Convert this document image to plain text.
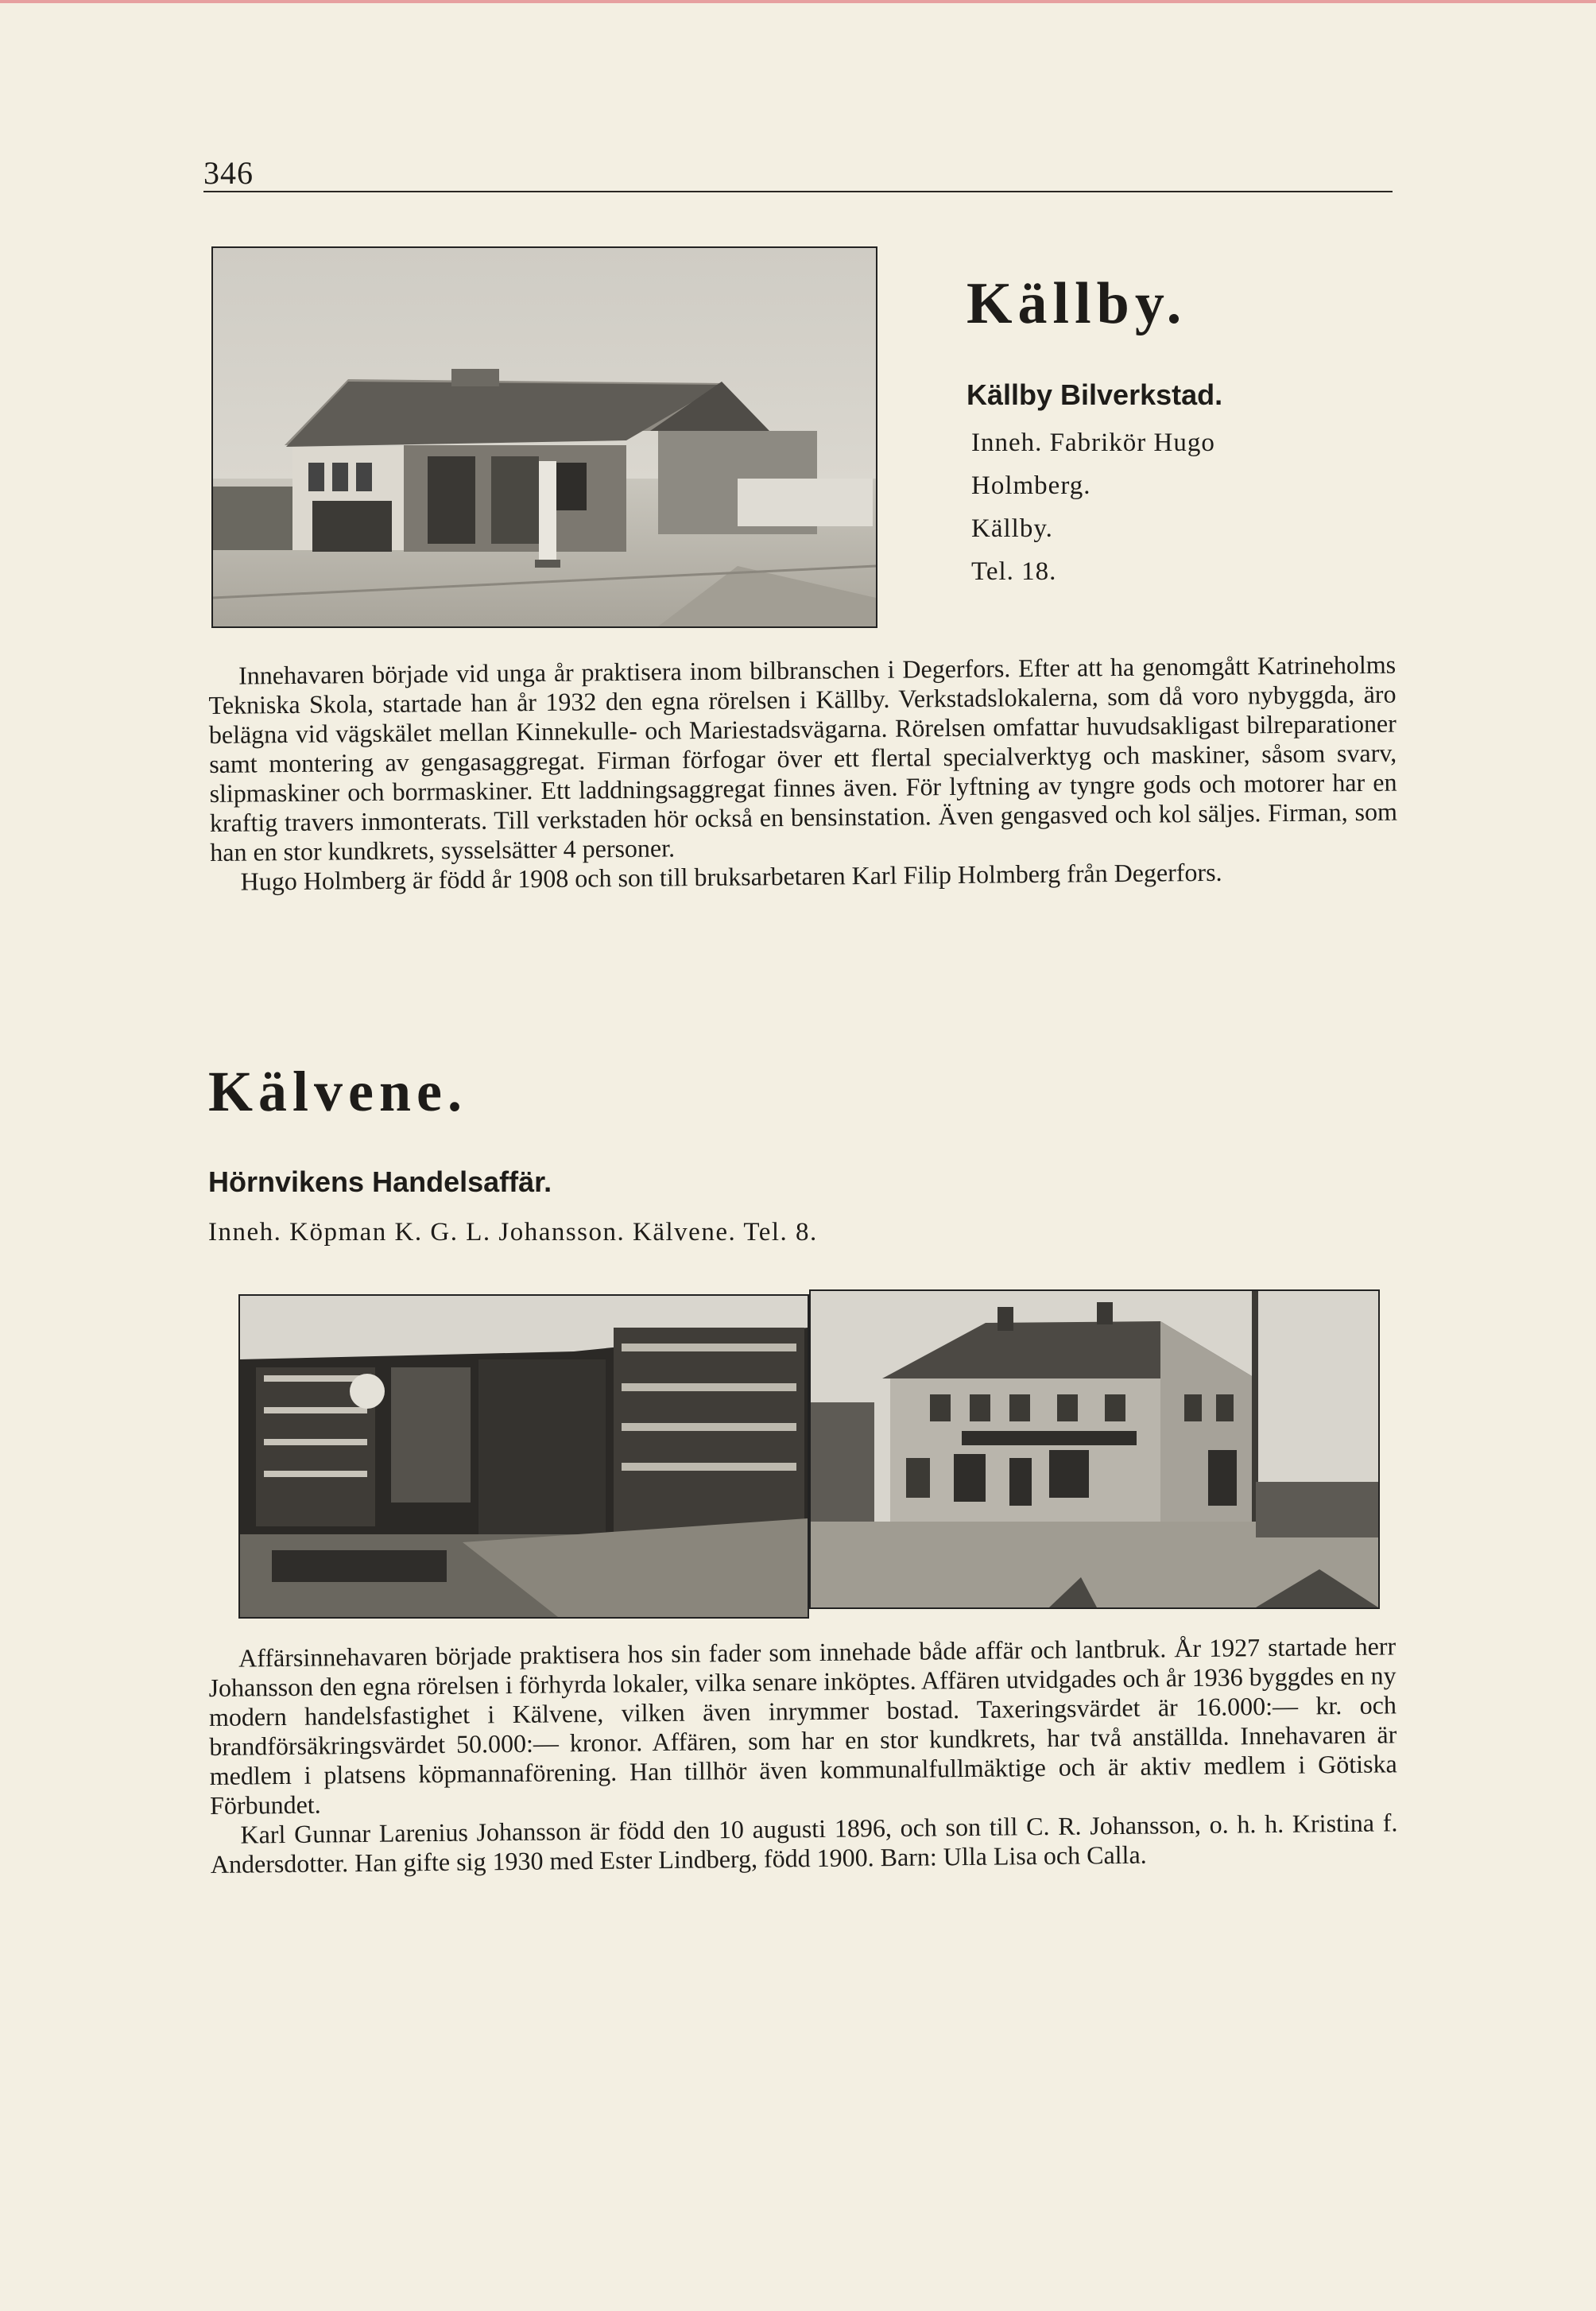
346
Källby.
Källby Bilverkstad.
Inneh. Fabrikör Hugo
Holmberg.
Källby.
Tel. 18.

Innehavaren började vid unga år praktisera inom bilbranschen i Degerfors. Efter att ha genomgått Katrineholms Tekniska Skola, startade han år 1932 den egna rörelsen i Källby. Verkstadslokalerna, som då voro nybyggda, äro belägna vid vägskälet mellan Kinnekulle- och Mariestadsvägarna. Rörelsen omfattar huvudsakligast bilreparationer samt montering av gengasaggregat. Firman förfogar över ett flertal specialverktyg och maskiner, såsom svarv, slipmaskiner och borrmaskiner. Ett laddningsaggregat finnes även. För lyftning av tyngre gods och motorer har en kraftig travers inmonterats. Till verkstaden hör också en bensinstation. Även gengasved och kol säljes. Firman, som han en stor kundkrets, sysselsätter 4 personer.

Hugo Holmberg är född år 1908 och son till bruksarbetaren Karl Filip Holmberg från Degerfors.

Kälvene.
Hörnvikens Handelsaffär.
Inneh. Köpman K. G. L. Johansson. Kälvene. Tel. 8.

Affärsinnehavaren började praktisera hos sin fader som innehade både affär och lantbruk. År 1927 startade herr Johansson den egna rörelsen i förhyrda lokaler, vilka senare inköptes. Affären utvidgades och år 1936 byggdes en ny modern handelsfastighet i Kälvene, vilken även inrymmer bostad. Taxeringsvärdet är 16.000:— kr. och brandförsäkringsvärdet 50.000:— kronor. Affären, som har en stor kundkrets, har två anställda. Innehavaren är medlem i platsens köpmannaförening. Han tillhör även kommunalfullmäktige och är aktiv medlem i Götiska Förbundet.

Karl Gunnar Larenius Johansson är född den 10 augusti 1896, och son till C. R. Johansson, o. h. h. Kristina f. Andersdotter. Han gifte sig 1930 med Ester Lindberg, född 1900. Barn: Ulla Lisa och Calla.
